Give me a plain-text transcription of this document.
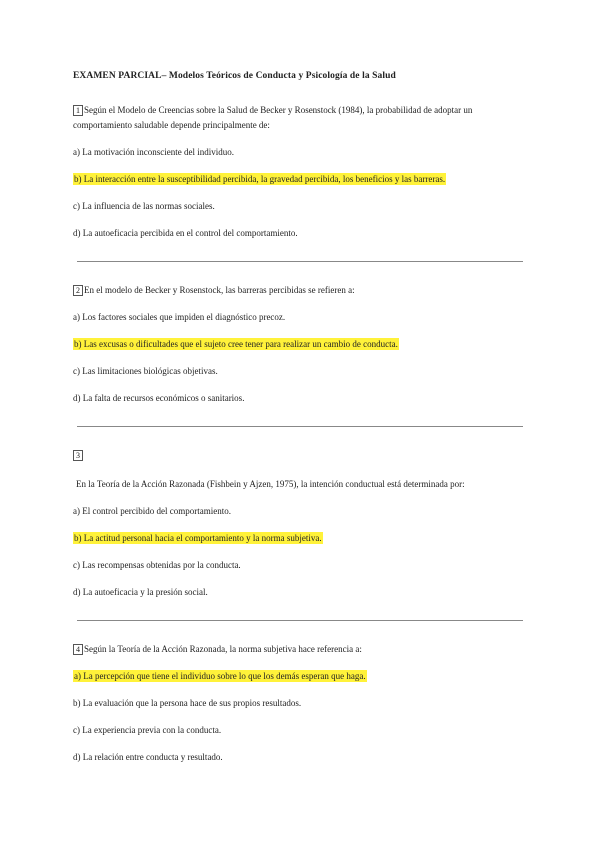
EXAMEN PARCIAL– Modelos Teóricos de Conducta y Psicología de la Salud
1 Según el Modelo de Creencias sobre la Salud de Becker y Rosenstock (1984), la probabilidad de adoptar un
comportamiento saludable depende principalmente de:
a) La motivación inconsciente del individuo.
b) La interacción entre la susceptibilidad percibida, la gravedad percibida, los beneficios y las barreras.
c) La influencia de las normas sociales.
d) La autoeficacia percibida en el control del comportamiento.
2 En el modelo de Becker y Rosenstock, las barreras percibidas se refieren a:
a) Los factores sociales que impiden el diagnóstico precoz.
b) Las excusas o dificultades que el sujeto cree tener para realizar un cambio de conducta.
c) Las limitaciones biológicas objetivas.
d) La falta de recursos económicos o sanitarios.
3
En la Teoría de la Acción Razonada (Fishbein y Ajzen, 1975), la intención conductual está determinada por:
a) El control percibido del comportamiento.
b) La actitud personal hacia el comportamiento y la norma subjetiva.
c) Las recompensas obtenidas por la conducta.
d) La autoeficacia y la presión social.
4 Según la Teoría de la Acción Razonada, la norma subjetiva hace referencia a:
a) La percepción que tiene el individuo sobre lo que los demás esperan que haga.
b) La evaluación que la persona hace de sus propios resultados.
c) La experiencia previa con la conducta.
d) La relación entre conducta y resultado.
